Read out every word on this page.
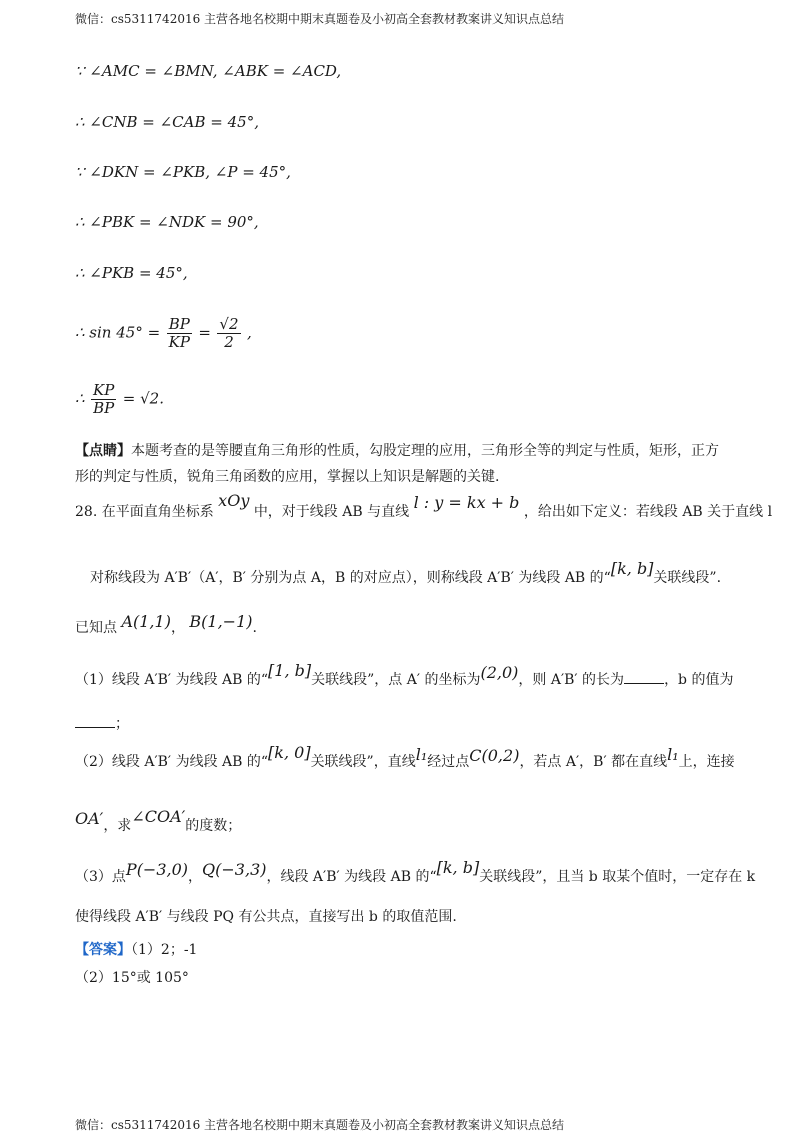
微信：cs5311742016 主营各地名校期中期末真题卷及小初高全套教材教案讲义知识点总结
∵ ∠AMC = ∠BMN, ∠ABK = ∠ACD,
∴ ∠CNB = ∠CAB = 45°,
∵ ∠DKN = ∠PKB, ∠P = 45°,
∴ ∠PBK = ∠NDK = 90°,
∴ ∠PKB = 45°,
∴ $\sin 45^\circ = \frac{BP}{KP} = \frac{√2}{2}$ ,
∴ $\frac{KP}{BP} = √2$.
【点睛】本题考查的是等腰直角三角形的性质，勾股定理的应用，三角形全等的判定与性质，矩形，正方
形的判定与性质，锐角三角函数的应用，掌握以上知识是解题的关键.
28. 在平面直角坐标系 xOy 中，对于线段 AB 与直线 l : y = kx + b ，给出如下定义：若线段 AB 关于直线 l
对称线段为 A′B′（A′，B′ 分别为点 A，B 的对应点），则称线段 A′B′ 为线段 AB 的“[k, b]关联线段”.
已知点 A(1,1)， B(1,−1).
（1）线段 A′B′ 为线段 AB 的“[1, b]关联线段”，点 A′ 的坐标为(2,0)，则 A′B′ 的长为	，b 的值为
；
（2）线段 A′B′ 为线段 AB 的“[k, 0]关联线段”，直线l₁经过点C(0,2)，若点 A′，B′ 都在直线l₁上，连接
OA′，求∠COA′的度数；
（3）点P(−3,0)，Q(−3,3)，线段 A′B′ 为线段 AB 的“[k, b]关联线段”，且当 b 取某个值时，一定存在 k
使得线段 A′B′ 与线段 PQ 有公共点，直接写出 b 的取值范围.
【答案】（1）2；-1
（2）15°或 105°
微信：cs5311742016 主营各地名校期中期末真题卷及小初高全套教材教案讲义知识点总结
